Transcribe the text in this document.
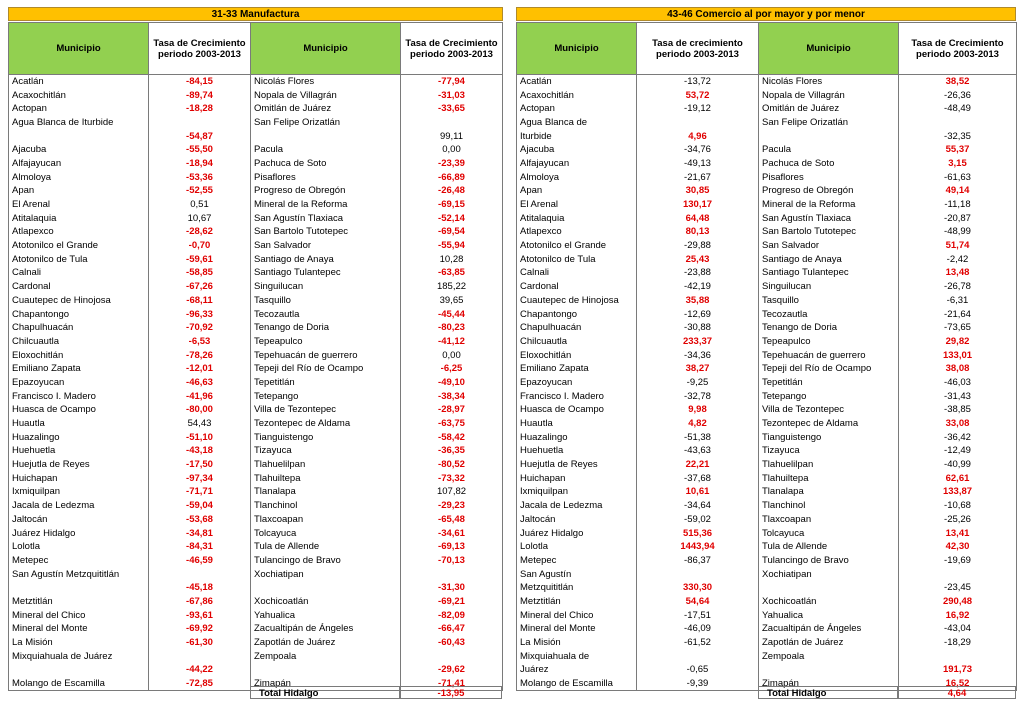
31-33 Manufactura
Municipio	Tasa de Crecimiento periodo 2003-2013
Acatlán	-84,15
Acaxochitlán	-89,74
Actopan	-18,28
Agua Blanca de Iturbide	
	-54,87
Ajacuba	-55,50
Alfajayucan	-18,94
Almoloya	-53,36
Apan	-52,55
El Arenal	0,51
Atitalaquia	10,67
Atlapexco	-28,62
Atotonilco el Grande	-0,70
Atotonilco de Tula	-59,61
Calnali	-58,85
Cardonal	-67,26
Cuautepec de Hinojosa	-68,11
Chapantongo	-96,33
Chapulhuacán	-70,92
Chilcuautla	-6,53
Eloxochitlán	-78,26
Emiliano Zapata	-12,01
Epazoyucan	-46,63
Francisco I. Madero	-41,96
Huasca de Ocampo	-80,00
Huautla	54,43
Huazalingo	-51,10
Huehuetla	-43,18
Huejutla de Reyes	-17,50
Huichapan	-97,34
Ixmiquilpan	-71,71
Jacala de Ledezma	-59,04
Jaltocán	-53,68
Juárez Hidalgo	-34,81
Lolotla	-84,31
Metepec	-46,59
San Agustín Metzquititlán	
	-45,18
Metztitlán	-67,86
Mineral del Chico	-93,61
Mineral del Monte	-69,92
La Misión	-61,30
Mixquiahuala de Juárez	
	-44,22
Molango de Escamilla	-72,85
Municipio	Tasa de Crecimiento periodo 2003-2013
Nicolás Flores	-77,94
Nopala de Villagrán	-31,03
Omitlán de Juárez	-33,65
San Felipe Orizatlán	
	99,11
Pacula	0,00
Pachuca de Soto	-23,39
Pisaflores	-66,89
Progreso de Obregón	-26,48
Mineral de la Reforma	-69,15
San Agustín Tlaxiaca	-52,14
San Bartolo Tutotepec	-69,54
San Salvador	-55,94
Santiago de Anaya	10,28
Santiago Tulantepec	-63,85
Singuilucan	185,22
Tasquillo	39,65
Tecozautla	-45,44
Tenango de Doria	-80,23
Tepeapulco	-41,12
Tepehuacán de guerrero	0,00
Tepeji del Río de Ocampo	-6,25
Tepetitlán	-49,10
Tetepango	-38,34
Villa de Tezontepec	-28,97
Tezontepec de Aldama	-63,75
Tianguistengo	-58,42
Tizayuca	-36,35
Tlahuelilpan	-80,52
Tlahuiltepa	-73,32
Tlanalapa	107,82
Tlanchinol	-29,23
Tlaxcoapan	-65,48
Tolcayuca	-34,61
Tula de Allende	-69,13
Tulancingo de Bravo	-70,13
Xochiatipan	
	-31,30
Xochicoatlán	-69,21
Yahualica	-82,09
Zacualtipán de Ángeles	-66,47
Zapotlán de Juárez	-60,43
Zempoala	
	-29,62
Zimapán	-71,41
Total Hidalgo	-13,95
43-46 Comercio al por mayor y por menor
Municipio	Tasa de crecimiento periodo 2003-2013
Acatlán	-13,72
Acaxochitlán	53,72
Actopan	-19,12
Agua Blanca de	
Iturbide	4,96
Ajacuba	-34,76
Alfajayucan	-49,13
Almoloya	-21,67
Apan	30,85
El Arenal	130,17
Atitalaquia	64,48
Atlapexco	80,13
Atotonilco el Grande	-29,88
Atotonilco de Tula	25,43
Calnali	-23,88
Cardonal	-42,19
Cuautepec de Hinojosa	35,88
Chapantongo	-12,69
Chapulhuacán	-30,88
Chilcuautla	233,37
Eloxochitlán	-34,36
Emiliano Zapata	38,27
Epazoyucan	-9,25
Francisco I. Madero	-32,78
Huasca de Ocampo	9,98
Huautla	4,82
Huazalingo	-51,38
Huehuetla	-43,63
Huejutla de Reyes	22,21
Huichapan	-37,68
Ixmiquilpan	10,61
Jacala de Ledezma	-34,64
Jaltocán	-59,02
Juárez Hidalgo	515,36
Lolotla	1443,94
Metepec	-86,37
San Agustín	
Metzquititlán	330,30
Metztitlán	54,64
Mineral del Chico	-17,51
Mineral del Monte	-46,09
La Misión	-61,52
Mixquiahuala de	
Juárez	-0,65
Molango de Escamilla	-9,39
Municipio	Tasa de Crecimiento periodo 2003-2013
Nicolás Flores	38,52
Nopala de Villagrán	-26,36
Omitlán de Juárez	-48,49
San Felipe Orizatlán	
	-32,35
Pacula	55,37
Pachuca de Soto	3,15
Pisaflores	-61,63
Progreso de Obregón	49,14
Mineral de la Reforma	-11,18
San Agustín Tlaxiaca	-20,87
San Bartolo Tutotepec	-48,99
San Salvador	51,74
Santiago de Anaya	-2,42
Santiago Tulantepec	13,48
Singuilucan	-26,78
Tasquillo	-6,31
Tecozautla	-21,64
Tenango de Doria	-73,65
Tepeapulco	29,82
Tepehuacán de guerrero	133,01
Tepeji del Río de Ocampo	38,08
Tepetitlán	-46,03
Tetepango	-31,43
Villa de Tezontepec	-38,85
Tezontepec de Aldama	33,08
Tianguistengo	-36,42
Tizayuca	-12,49
Tlahuelilpan	-40,99
Tlahuiltepa	62,61
Tlanalapa	133,87
Tlanchinol	-10,68
Tlaxcoapan	-25,26
Tolcayuca	13,41
Tula de Allende	42,30
Tulancingo de Bravo	-19,69
Xochiatipan	
	-23,45
Xochicoatlán	290,48
Yahualica	16,92
Zacualtipán de Ángeles	-43,04
Zapotlán de Juárez	-18,29
Zempoala	
	191,73
Zimapán	16,52
Total Hidalgo	4,64
